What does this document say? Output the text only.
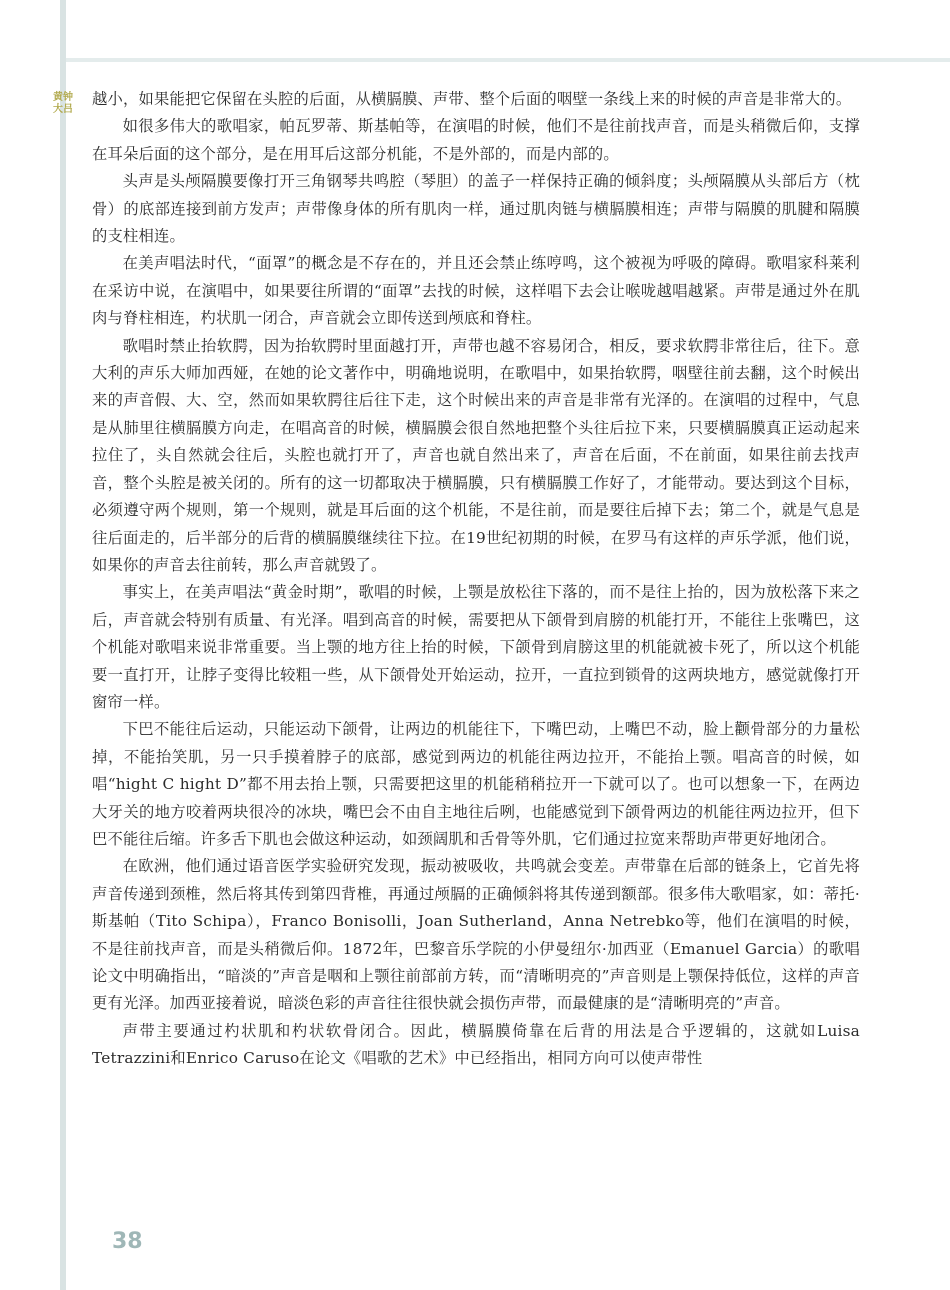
黄钟大吕

越小，如果能把它保留在头腔的后面，从横膈膜、声带、整个后面的咽壁一条线上来的时候的声音是非常大的。

如很多伟大的歌唱家，帕瓦罗蒂、斯基帕等，在演唱的时候，他们不是往前找声音，而是头稍微后仰，支撑在耳朵后面的这个部分，是在用耳后这部分机能，不是外部的，而是内部的。

头声是头颅隔膜要像打开三角钢琴共鸣腔（琴胆）的盖子一样保持正确的倾斜度；头颅隔膜从头部后方（枕骨）的底部连接到前方发声；声带像身体的所有肌肉一样，通过肌肉链与横膈膜相连；声带与隔膜的肌腱和隔膜的支柱相连。

在美声唱法时代，“面罩”的概念是不存在的，并且还会禁止练哼鸣，这个被视为呼吸的障碍。歌唱家科莱利在采访中说，在演唱中，如果要往所谓的“面罩”去找的时候，这样唱下去会让喉咙越唱越紧。声带是通过外在肌肉与脊柱相连，杓状肌一闭合，声音就会立即传送到颅底和脊柱。

歌唱时禁止抬软腭，因为抬软腭时里面越打开，声带也越不容易闭合，相反，要求软腭非常往后，往下。意大利的声乐大师加西娅，在她的论文著作中，明确地说明，在歌唱中，如果抬软腭，咽壁往前去翻，这个时候出来的声音假、大、空，然而如果软腭往后往下走，这个时候出来的声音是非常有光泽的。在演唱的过程中，气息是从肺里往横膈膜方向走，在唱高音的时候，横膈膜会很自然地把整个头往后拉下来，只要横膈膜真正运动起来拉住了，头自然就会往后，头腔也就打开了，声音也就自然出来了，声音在后面，不在前面，如果往前去找声音，整个头腔是被关闭的。所有的这一切都取决于横膈膜，只有横膈膜工作好了，才能带动。要达到这个目标，必须遵守两个规则，第一个规则，就是耳后面的这个机能，不是往前，而是要往后掉下去；第二个，就是气息是往后面走的，后半部分的后背的横膈膜继续往下拉。在19世纪初期的时候，在罗马有这样的声乐学派，他们说，如果你的声音去往前转，那么声音就毁了。

事实上，在美声唱法“黄金时期”，歌唱的时候，上颚是放松往下落的，而不是往上抬的，因为放松落下来之后，声音就会特别有质量、有光泽。唱到高音的时候，需要把从下颌骨到肩膀的机能打开，不能往上张嘴巴，这个机能对歌唱来说非常重要。当上颚的地方往上抬的时候，下颌骨到肩膀这里的机能就被卡死了，所以这个机能要一直打开，让脖子变得比较粗一些，从下颌骨处开始运动，拉开，一直拉到锁骨的这两块地方，感觉就像打开窗帘一样。

下巴不能往后运动，只能运动下颌骨，让两边的机能往下，下嘴巴动，上嘴巴不动，脸上颧骨部分的力量松掉，不能抬笑肌，另一只手摸着脖子的底部，感觉到两边的机能往两边拉开，不能抬上颚。唱高音的时候，如唱“hight C hight D”都不用去抬上颚，只需要把这里的机能稍稍拉开一下就可以了。也可以想象一下，在两边大牙关的地方咬着两块很冷的冰块，嘴巴会不由自主地往后咧，也能感觉到下颌骨两边的机能往两边拉开，但下巴不能往后缩。许多舌下肌也会做这种运动，如颈阔肌和舌骨等外肌，它们通过拉宽来帮助声带更好地闭合。

在欧洲，他们通过语音医学实验研究发现，振动被吸收，共鸣就会变差。声带靠在后部的链条上，它首先将声音传递到颈椎，然后将其传到第四背椎，再通过颅膈的正确倾斜将其传递到额部。很多伟大歌唱家，如：蒂托·斯基帕（Tito Schipa），Franco Bonisolli，Joan Sutherland，Anna Netrebko等，他们在演唱的时候，不是往前找声音，而是头稍微后仰。1872年，巴黎音乐学院的小伊曼纽尔·加西亚（Emanuel Garcia）的歌唱论文中明确指出，“暗淡的”声音是咽和上颚往前部前方转，而“清晰明亮的”声音则是上颚保持低位，这样的声音更有光泽。加西亚接着说，暗淡色彩的声音往往很快就会损伤声带，而最健康的是“清晰明亮的”声音。

声带主要通过杓状肌和杓状软骨闭合。因此，横膈膜倚靠在后背的用法是合乎逻辑的，这就如Luisa Tetrazzini和Enrico Caruso在论文《唱歌的艺术》中已经指出，相同方向可以使声带性

38
